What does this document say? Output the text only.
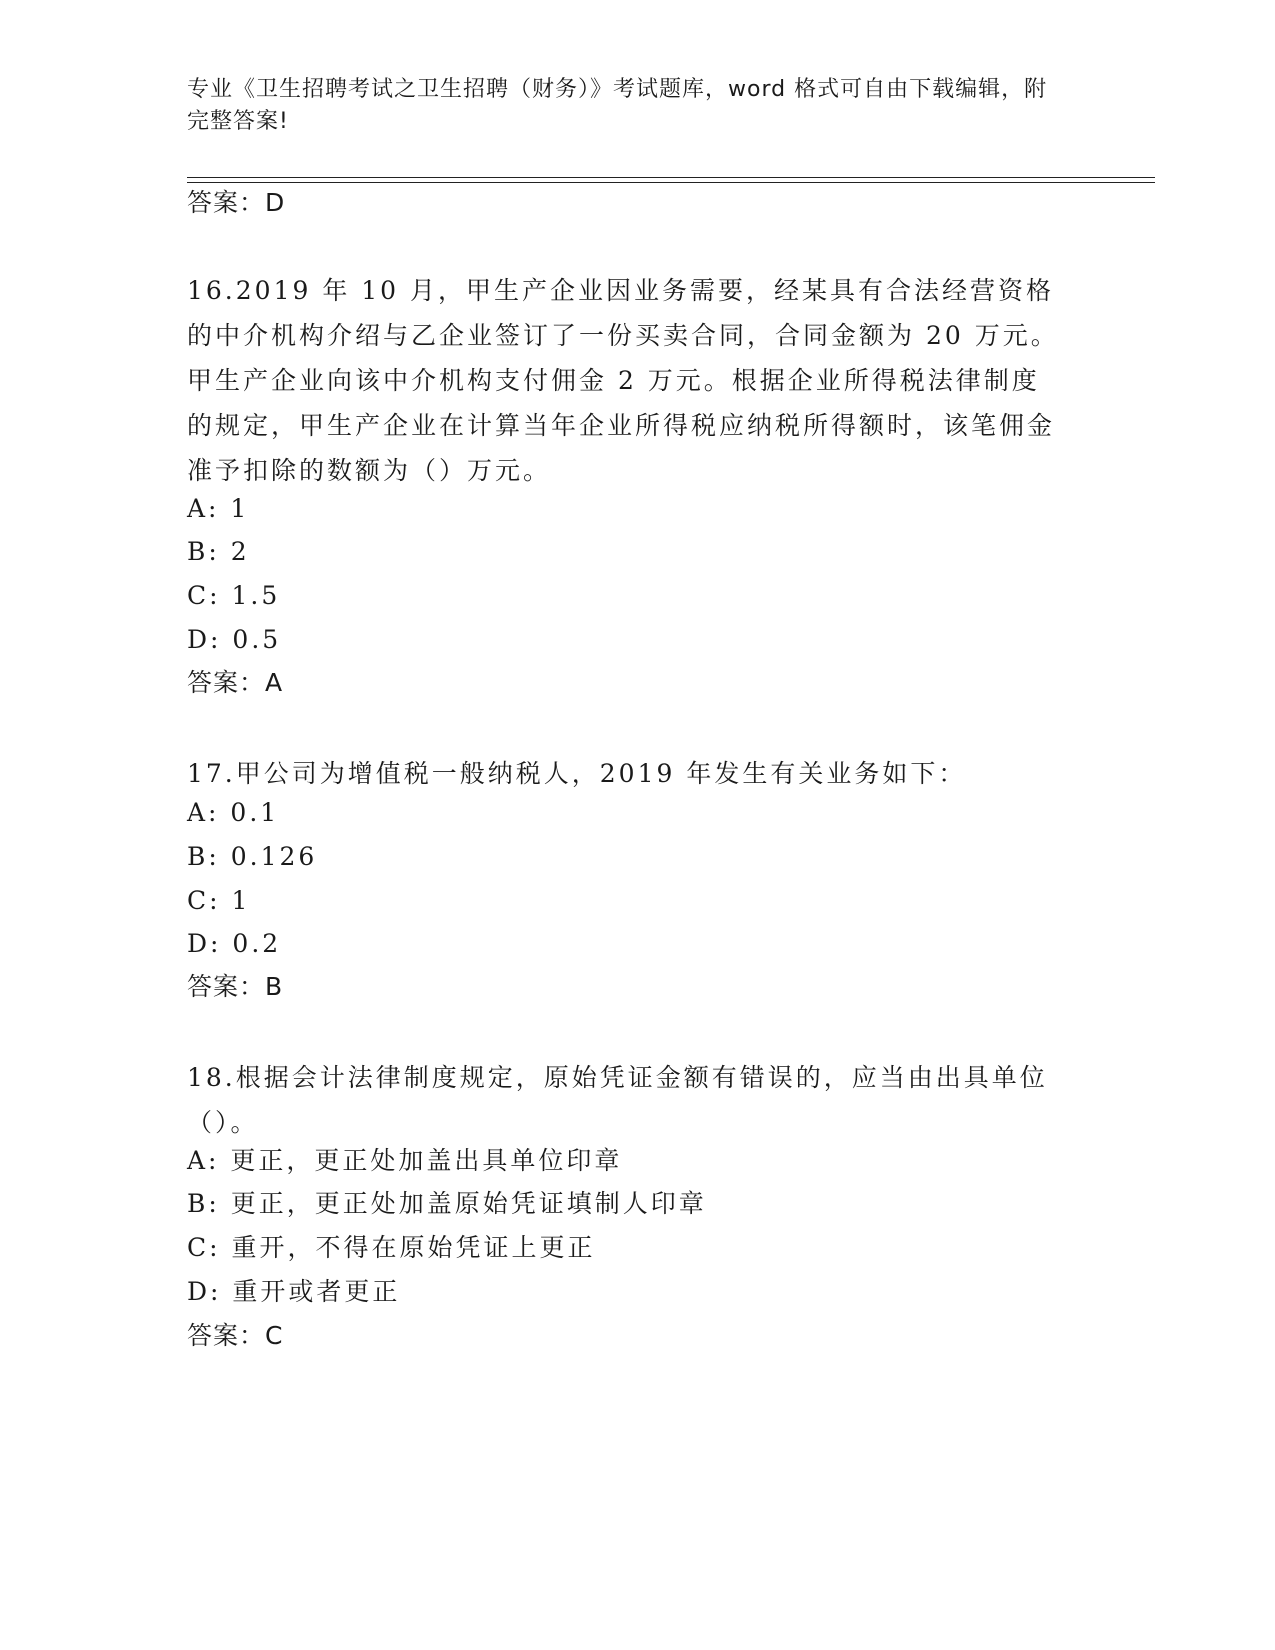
专业《卫生招聘考试之卫生招聘（财务）》考试题库，word 格式可自由下载编辑，附完整答案!
答案：D
16.2019 年 10 月，甲生产企业因业务需要，经某具有合法经营资格的中介机构介绍与乙企业签订了一份买卖合同，合同金额为 20 万元。甲生产企业向该中介机构支付佣金 2 万元。根据企业所得税法律制度的规定，甲生产企业在计算当年企业所得税应纳税所得额时，该笔佣金准予扣除的数额为（）万元。
A: 1
B: 2
C: 1.5
D: 0.5
答案：A
17.甲公司为增值税一般纳税人，2019 年发生有关业务如下：
A: 0.1
B: 0.126
C: 1
D: 0.2
答案：B
18.根据会计法律制度规定，原始凭证金额有错误的，应当由出具单位（）。
A: 更正，更正处加盖出具单位印章
B: 更正，更正处加盖原始凭证填制人印章
C: 重开，不得在原始凭证上更正
D: 重开或者更正
答案：C
